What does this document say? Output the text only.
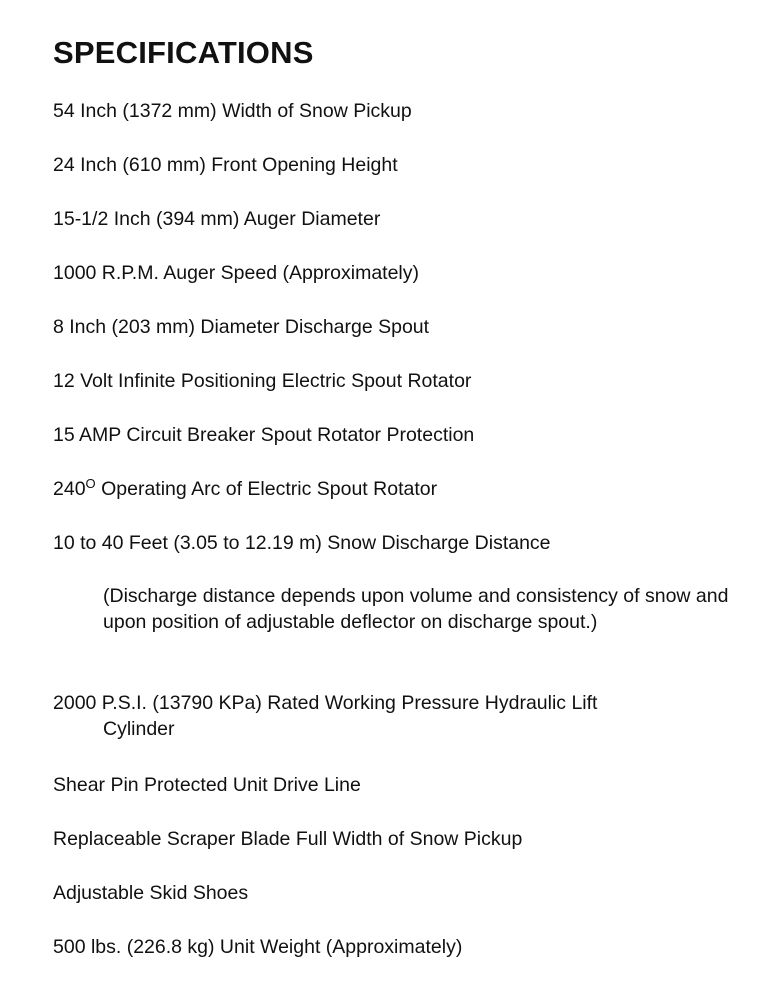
SPECIFICATIONS

54 Inch (1372 mm) Width of Snow Pickup

24 Inch (610 mm) Front Opening Height

15-1/2 Inch (394 mm) Auger Diameter

1000 R.P.M. Auger Speed (Approximately)

8 Inch (203 mm) Diameter Discharge Spout

12 Volt Infinite Positioning Electric Spout Rotator

15 AMP Circuit Breaker Spout Rotator Protection

$240^O$ Operating Arc of Electric Spout Rotator

10 to 40 Feet (3.05 to 12.19 m) Snow Discharge Distance

(Discharge distance depends upon volume and consistency of snow and upon position of adjustable deflector on discharge spout.)

2000 P.S.I. (13790 KPa) Rated Working Pressure Hydraulic Lift
Cylinder

Shear Pin Protected Unit Drive Line

Replaceable Scraper Blade Full Width of Snow Pickup

Adjustable Skid Shoes

500 lbs. (226.8 kg) Unit Weight (Approximately)
